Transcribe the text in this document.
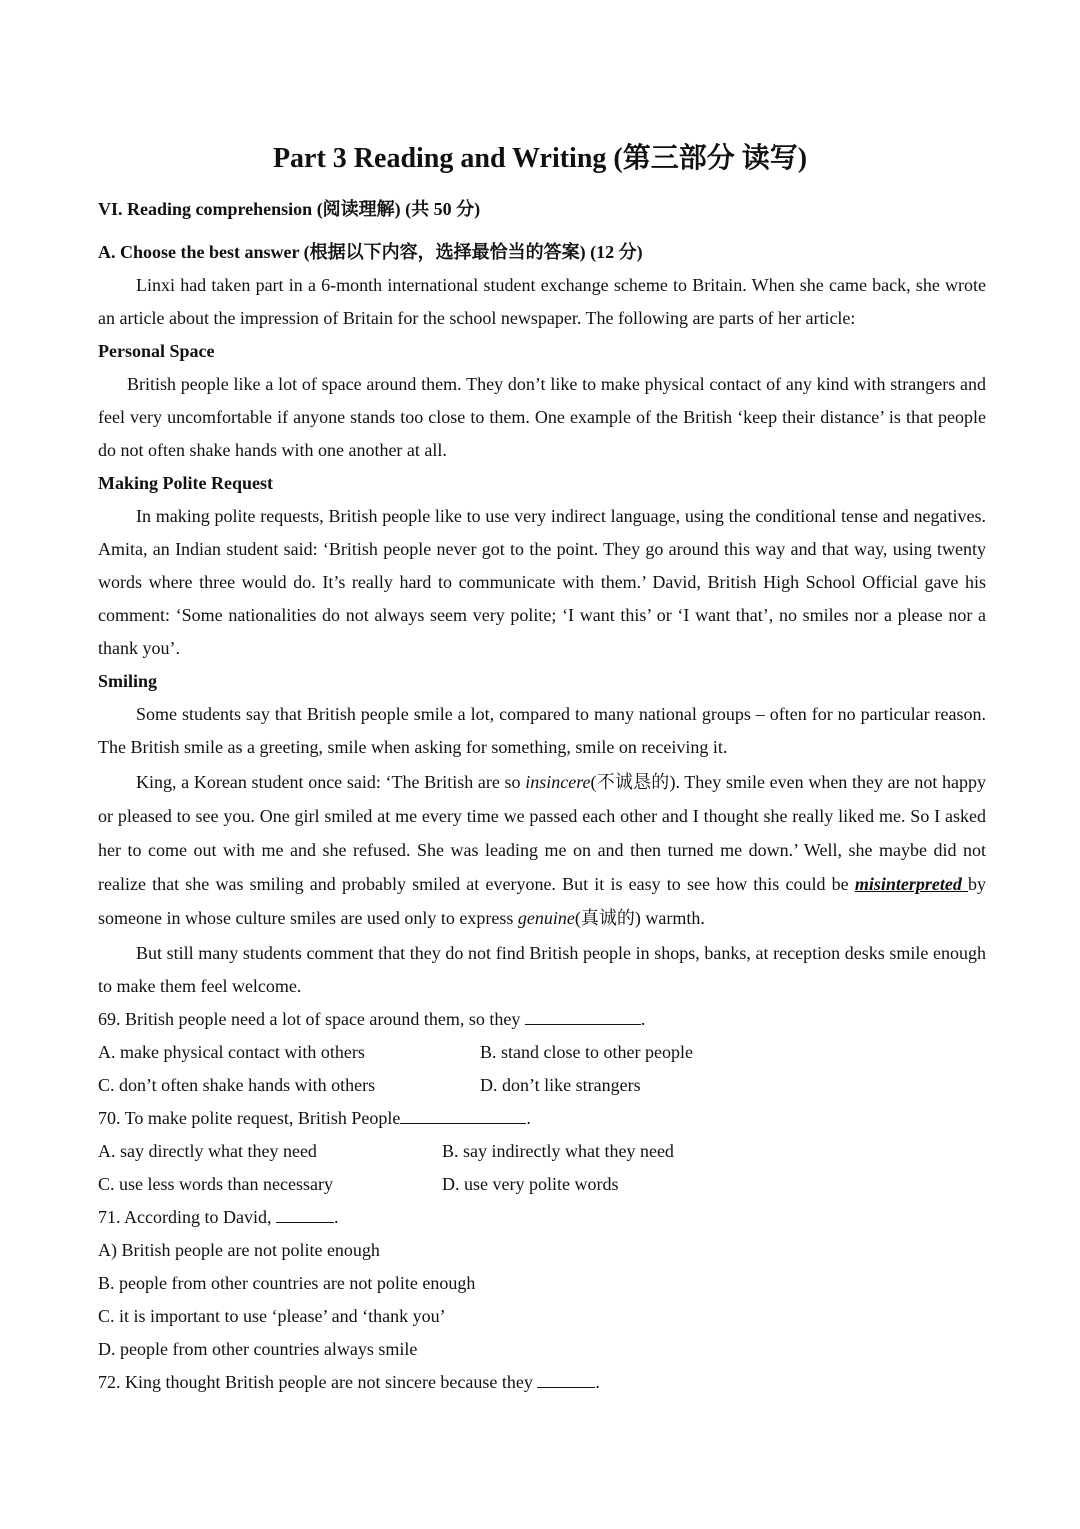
Part 3 Reading and Writing (第三部分 读写)
VI. Reading comprehension (阅读理解) (共 50 分)
A. Choose the best answer (根据以下内容，选择最恰当的答案) (12 分)

Linxi had taken part in a 6-month international student exchange scheme to Britain. When she came back, she wrote an article about the impression of Britain for the school newspaper. The following are parts of her article:

Personal Space

British people like a lot of space around them. They don’t like to make physical contact of any kind with strangers and feel very uncomfortable if anyone stands too close to them. One example of the British ‘keep their distance’ is that people do not often shake hands with one another at all.

Making Polite Request

In making polite requests, British people like to use very indirect language, using the conditional tense and negatives. Amita, an Indian student said: ‘British people never got to the point. They go around this way and that way, using twenty words where three would do. It’s really hard to communicate with them.’ David, British High School Official gave his comment: ‘Some nationalities do not always seem very polite; ‘I want this’ or ‘I want that’, no smiles nor a please nor a thank you’.

Smiling

Some students say that British people smile a lot, compared to many national groups – often for no particular reason. The British smile as a greeting, smile when asking for something, smile on receiving it.

King, a Korean student once said: ‘The British are so insincere(不诚恳的). They smile even when they are not happy or pleased to see you. One girl smiled at me every time we passed each other and I thought she really liked me. So I asked her to come out with me and she refused. She was leading me on and then turned me down.’ Well, she maybe did not realize that she was smiling and probably smiled at everyone. But it is easy to see how this could be misinterpreted by someone in whose culture smiles are used only to express genuine(真诚的) warmth.

But still many students comment that they do not find British people in shops, banks, at reception desks smile enough to make them feel welcome.

69. British people need a lot of space around them, so they	.
A. make physical contact with others	B. stand close to other people
C. don’t often shake hands with others	D. don’t like strangers
70. To make polite request, British People	.
A. say directly what they need	B. say indirectly what they need
C. use less words than necessary	D. use very polite words
71. According to David,	.
A) British people are not polite enough
B. people from other countries are not polite enough
C. it is important to use ‘please’ and ‘thank you’
D. people from other countries always smile
72. King thought British people are not sincere because they	.
